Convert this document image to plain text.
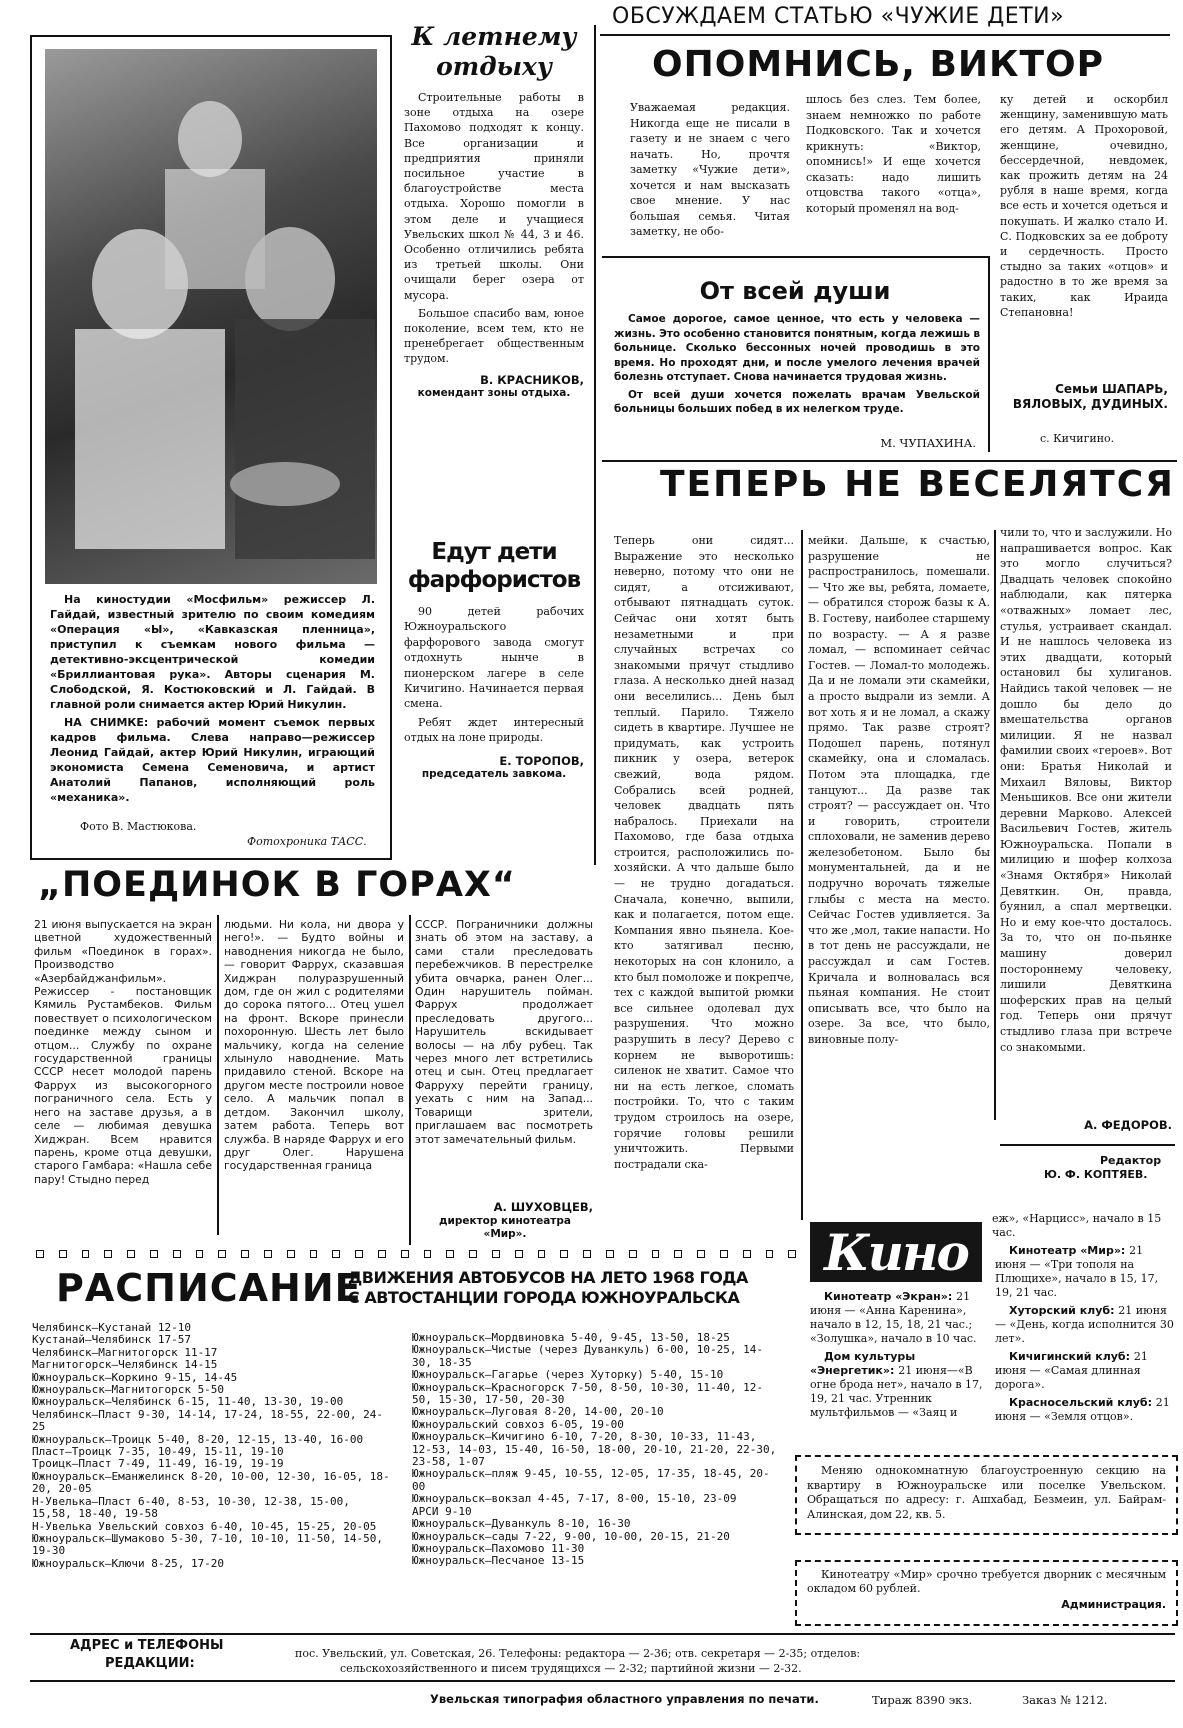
На киностудии «Мосфильм» режиссер Л. Гайдай, известный зрителю по своим комедиям «Операция «Ы», «Кавказская пленница», приступил к съемкам нового фильма — детективно-эксцентрической комедии «Бриллиантовая рука». Авторы сценария М. Слободской, Я. Костюковский и Л. Гайдай. В главной роли снимается актер Юрий Никулин.

НА СНИМКЕ: рабочий момент съемок первых кадров фильма. Слева направо—режиссер Леонид Гайдай, актер Юрий Никулин, играющий экономиста Семена Семеновича, и артист Анатолий Папанов, исполняющий роль «механика».

Фото В. Мастюкова.
Фотохроника ТАСС.
К летнему
отдыху

Строительные работы в зоне отдыха на озере Пахомово подходят к концу. Все организации и предприятия приняли посильное участие в благоустройстве места отдыха. Хорошо помогли в этом деле и учащиеся Увельских школ № 44, 3 и 46. Особенно отличились ребята из третьей школы. Они очищали берег озера от мусора.

Большое спасибо вам, юное поколение, всем тем, кто не пренебрегает общественным трудом.

В. КРАСНИКОВ,
комендант зоны отдыха.
Едут дети
фарфористов

90 детей рабочих Южноуральского фарфорового завода смогут отдохнуть нынче в пионерском лагере в селе Кичигино. Начинается первая смена.

Ребят ждет интересный отдых на лоне природы.

Е. ТОРОПОВ,
председатель завкома.
ОБСУЖДАЕМ СТАТЬЮ «ЧУЖИЕ ДЕТИ»
ОПОМНИСЬ, ВИКТОР
Уважаемая редакция. Никогда еще не писали в газету и не знаем с чего начать. Но, прочтя заметку «Чужие дети», хочется и нам высказать свое мнение. У нас большая семья. Читая заметку, не обо-
шлось без слез. Тем более, знаем немножко по работе Подковского. Так и хочется крикнуть: «Виктор, опомнись!» И еще хочется сказать: надо лишить отцовства такого «отца», который променял на вод-
ку детей и оскорбил женщину, заменившую мать его детям. А Прохоровой, женщине, очевидно, бессердечной, невдомек, как прожить детям на 24 рубля в наше время, когда все есть и хочется одеться и покушать. И жалко стало И. С. Подковских за ее доброту и сердечность. Просто стыдно за таких «отцов» и радостно в то же время за таких, как Ираида Степановна!
Семьи ШАПАРЬ, ВЯЛОВЫХ, ДУДИНЫХ.
с. Кичигино.
От всей души

Самое дорогое, самое ценное, что есть у человека — жизнь. Это особенно становится понятным, когда лежишь в больнице. Сколько бессонных ночей проводишь в это время. Но проходят дни, и после умелого лечения врачей болезнь отступает. Снова начинается трудовая жизнь.

От всей души хочется пожелать врачам Увельской больницы больших побед в их нелегком труде.

М. ЧУПАХИНА.
ТЕПЕРЬ НЕ ВЕСЕЛЯТСЯ
Теперь они сидят... Выражение это несколько неверно, потому что они не сидят, а отсиживают, отбывают пятнадцать суток. Сейчас они хотят быть незаметными и при случайных встречах со знакомыми прячут стыдливо глаза. А несколько дней назад они веселились... День был теплый. Парило. Тяжело сидеть в квартире. Лучшее не придумать, как устроить пикник у озера, ветерок свежий, вода рядом. Собрались всей родней, человек двадцать пять набралось. Приехали на Пахомово, где база отдыха строится, расположились по-хозяйски. А что дальше было — не трудно догадаться. Сначала, конечно, выпили, как и полагается, потом еще. Компания явно пьянела. Кое-кто затягивал песню, некоторых на сон клонило, а кто был помоложе и покрепче, тех с каждой выпитой рюмки все сильнее одолевал дух разрушения. Что можно разрушить в лесу? Дерево с корнем не выворотишь: силенок не хватит. Самое что ни на есть легкое, сломать постройки. То, что с таким трудом строилось на озере, горячие головы решили уничтожить. Первыми пострадали ска-
мейки. Дальше, к счастью, разрушение не распространилось, помешали. — Что же вы, ребята, ломаете, — обратился сторож базы к А. В. Гостеву, наиболее старшему по возрасту. — А я разве ломал, — вспоминает сейчас Гостев. — Ломал-то молодежь. Да и не ломали эти скамейки, а просто выдрали из земли. А вот хоть я и не ломал, а скажу прямо. Так разве строят? Подошел парень, потянул скамейку, она и сломалась. Потом эта площадка, где танцуют... Да разве так строят? — рассуждает он. Что и говорить, строители сплоховали, не заменив дерево железобетоном. Было бы монументальней, да и не подручно ворочать тяжелые глыбы с места на место. Сейчас Гостев удивляется. За что же ,мол, такие напасти. Но в тот день не рассуждали, не рассуждал и сам Гостев. Кричала и волновалась вся пьяная компания. Не стоит описывать все, что было на озере. За все, что было, виновные полу-
чили то, что и заслужили. Но напрашивается вопрос. Как это могло случиться? Двадцать человек спокойно наблюдали, как пятерка «отважных» ломает лес, стулья, устраивает скандал. И не нашлось человека из этих двадцати, который остановил бы хулиганов. Найдись такой человек — не дошло бы дело до вмешательства органов милиции. Я не назвал фамилии своих «героев». Вот они: Братья Николай и Михаил Вяловы, Виктор Меньшиков. Все они жители деревни Марково. Алексей Васильевич Гостев, житель Южноуральска. Попали в милицию и шофер колхоза «Знамя Октября» Николай Девяткин. Он, правда, буянил, а спал мертвецки. Но и ему кое-что досталось. За то, что он по-пьянке машину доверил постороннему человеку, лишили Девяткина шоферских прав на целый год. Теперь они прячут стыдливо глаза при встрече со знакомыми.
А. ФЕДОРОВ.
Редактор
Ю. Ф. КОПТЯЕВ.
„ПОЕДИНОК В ГОРАХ“
21 июня выпускается на экран цветной художественный фильм «Поединок в горах». Производство «Азербайджанфильм». Режиссер - постановщик Кямиль Рустамбеков. Фильм повествует о психологическом поединке между сыном и отцом... Службу по охране государственной границы СССР несет молодой парень Фаррух из высокогорного пограничного села. Есть у него на заставе друзья, а в селе — любимая девушка Хиджран. Всем нравится парень, кроме отца девушки, старого Гамбара: «Нашла себе пару! Стыдно перед
людьми. Ни кола, ни двора у него!». — Будто войны и наводнения никогда не было, — говорит Фаррух, сказавшая Хиджран полуразрушенный дом, где он жил с родителями до сорока пятого... Отец ушел на фронт. Вскоре принесли похоронную. Шесть лет было мальчику, когда на селение хлынуло наводнение. Мать придавило стеной. Вскоре на другом месте построили новое село. А мальчик попал в детдом. Закончил школу, затем работа. Теперь вот служба. В наряде Фаррух и его друг Олег. Нарушена государственная граница
СССР. Пограничники должны знать об этом на заставу, а сами стали преследовать перебежчиков. В перестрелке убита овчарка, ранен Олег... Один нарушитель пойман. Фаррух продолжает преследовать другого... Нарушитель вскидывает волосы — на лбу рубец. Так через много лет встретились отец и сын. Отец предлагает Фарруху перейти границу, уехать с ним на Запад... Товарищи зрители, приглашаем вас посмотреть этот замечательный фильм.
А. ШУХОВЦЕВ,
директор кинотеатра «Мир».
РАСПИСАНИЕ
ДВИЖЕНИЯ АВТОБУСОВ НА ЛЕТО 1968 ГОДА
С АВТОСТАНЦИИ ГОРОДА ЮЖНОУРАЛЬСКА
Челябинск—Кустанай 12-10
Кустанай—Челябинск 17-57
Челябинск—Магнитогорск 11-17
Магнитогорск—Челябинск 14-15
Южноуральск—Коркино 9-15, 14-45
Южноуральск—Магнитогорск 5-50
Южноуральск—Челябинск 6-15, 11-40, 13-30, 19-00
Челябинск—Пласт 9-30, 14-14, 17-24, 18-55, 22-00, 24-25
Южноуральск—Троицк 5-40, 8-20, 12-15, 13-40, 16-00
Пласт—Троицк 7-35, 10-49, 15-11, 19-10
Троицк—Пласт 7-49, 11-49, 16-19, 19-19
Южноуральск—Еманжелинск 8-20, 10-00, 12-30, 16-05, 18-20, 20-05
Н-Увелька—Пласт 6-40, 8-53, 10-30, 12-38, 15-00, 15,58, 18-40, 19-58
Н-Увелька Увельский совхоз 6-40, 10-45, 15-25, 20-05
Южноуральск—Шумаково 5-30, 7-10, 10-10, 11-50, 14-50, 19-30
Южноуральск—Ключи 8-25, 17-20
Южноуральск—Мордвиновка 5-40, 9-45, 13-50, 18-25
Южноуральск—Чистые (через Дуванкуль) 6-00, 10-25, 14-30, 18-35
Южноуральск—Гагарье (через Хуторку) 5-40, 15-10
Южноуральск—Красногорск 7-50, 8-50, 10-30, 11-40, 12-50, 15-30, 17-50, 20-30
Южноуральск—Луговая 8-20, 14-00, 20-10
Южноуральский совхоз 6-05, 19-00
Южноуральск—Кичигино 6-10, 7-20, 8-30, 10-33, 11-43, 12-53, 14-03, 15-40, 16-50, 18-00, 20-10, 21-20, 22-30, 23-58, 1-07
Южноуральск—пляж 9-45, 10-55, 12-05, 17-35, 18-45, 20-00
Южноуральск—вокзал 4-45, 7-17, 8-00, 15-10, 23-09
АРСИ 9-10
Южноуральск—Дуванкуль 8-10, 16-30
Южноуральск—сады 7-22, 9-00, 10-00, 20-15, 21-20
Южноуральск—Пахомово 11-30
Южноуральск—Песчаное 13-15
Кино
еж», «Нарцисс», начало в 15 час.
Кинотеатр «Экран»: 21 июня — «Анна Каренина», начало в 12, 15, 18, 21 час.; «Золушка», начало в 10 час.
Дом культуры «Энергетик»: 21 июня—«В огне брода нет», начало в 17, 19, 21 час. Утренник мультфильмов — «Заяц и
Кинотеатр «Мир»: 21 июня — «Три тополя на Плющихе», начало в 15, 17, 19, 21 час.
Хуторский клуб: 21 июня — «День, когда исполнится 30 лет».
Кичигинский клуб: 21 июня — «Самая длинная дорога».
Красносельский клуб: 21 июня — «Земля отцов».
Меняю однокомнатную благоустроенную секцию на квартиру в Южноуральске или поселке Увельском. Обращаться по адресу: г. Ашхабад, Безмеин, ул. Байрам-Алинская, дом 22, кв. 5.
Кинотеатру «Мир» срочно требуется дворник с месячным окладом 60 рублей.
Администрация.
АДРЕС и ТЕЛЕФОНЫ
РЕДАКЦИИ:
пос. Увельский, ул. Советская, 26. Телефоны: редактора — 2-36; отв. секретаря — 2-35; отделов:
сельскохозяйственного и писем трудящихся — 2-32; партийной жизни — 2-32.
Увельская типография областного управления по печати.	Тираж 8390 экз.	Заказ № 1212.
